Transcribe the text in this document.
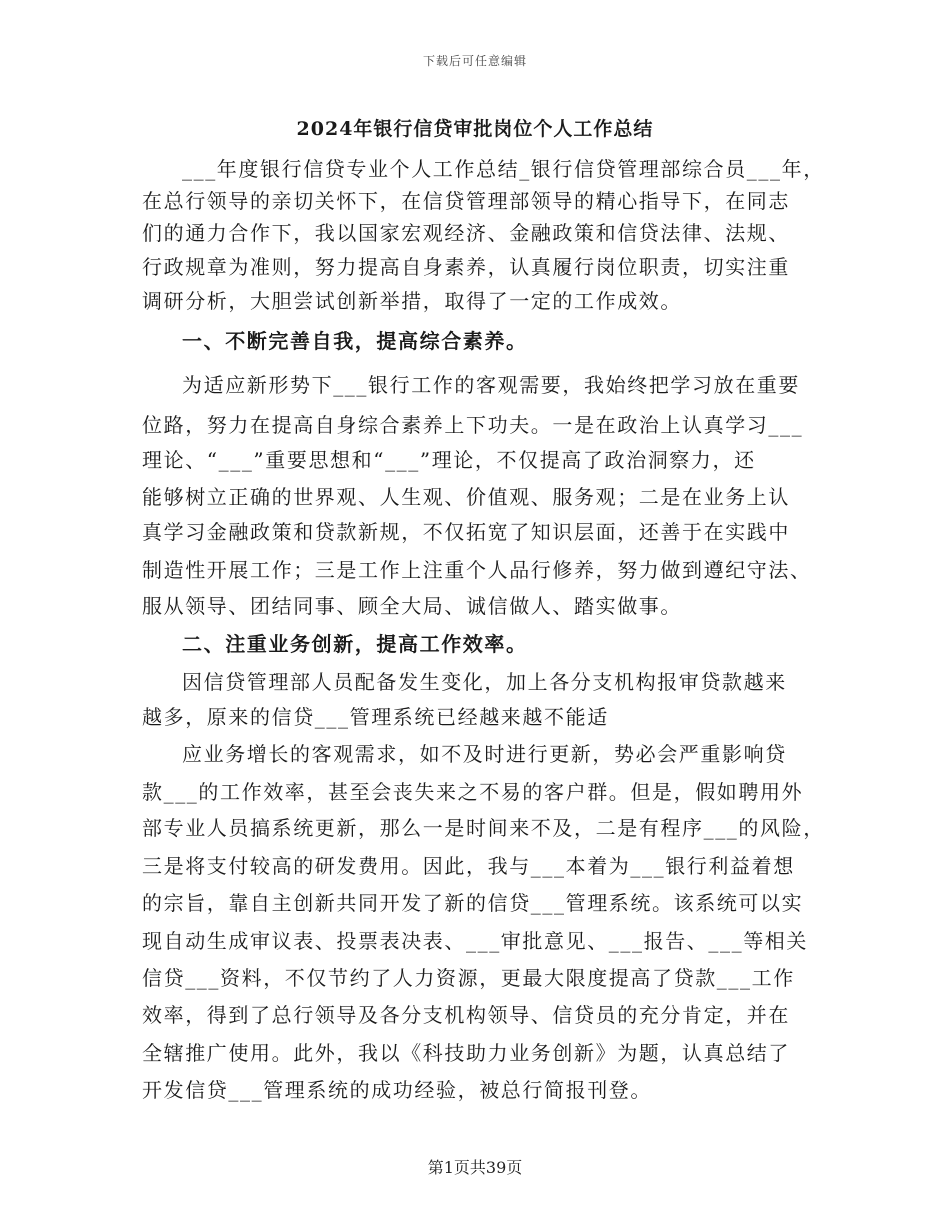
下载后可任意编辑
2024年银行信贷审批岗位个人工作总结
___年度银行信贷专业个人工作总结_银行信贷管理部综合员___年，
在总行领导的亲切关怀下，在信贷管理部领导的精心指导下，在同志
们的通力合作下，我以国家宏观经济、金融政策和信贷法律、法规、
行政规章为准则，努力提高自身素养，认真履行岗位职责，切实注重
调研分析，大胆尝试创新举措，取得了一定的工作成效。
一、不断完善自我，提高综合素养。
为适应新形势下___银行工作的客观需要，我始终把学习放在重要
位路，努力在提高自身综合素养上下功夫。一是在政治上认真学习___
理论、“___”重要思想和“___”理论，不仅提高了政治洞察力，还
能够树立正确的世界观、人生观、价值观、服务观；二是在业务上认
真学习金融政策和贷款新规，不仅拓宽了知识层面，还善于在实践中
制造性开展工作；三是工作上注重个人品行修养，努力做到遵纪守法、
服从领导、团结同事、顾全大局、诚信做人、踏实做事。
二、注重业务创新，提高工作效率。
因信贷管理部人员配备发生变化，加上各分支机构报审贷款越来
越多，原来的信贷___管理系统已经越来越不能适
应业务增长的客观需求，如不及时进行更新，势必会严重影响贷
款___的工作效率，甚至会丧失来之不易的客户群。但是，假如聘用外
部专业人员搞系统更新，那么一是时间来不及，二是有程序___的风险，
三是将支付较高的研发费用。因此，我与___本着为___银行利益着想
的宗旨，靠自主创新共同开发了新的信贷___管理系统。该系统可以实
现自动生成审议表、投票表决表、___审批意见、___报告、___等相关
信贷___资料，不仅节约了人力资源，更最大限度提高了贷款___工作
效率，得到了总行领导及各分支机构领导、信贷员的充分肯定，并在
全辖推广使用。此外，我以《科技助力业务创新》为题，认真总结了
开发信贷___管理系统的成功经验，被总行简报刊登。
第1页共39页
